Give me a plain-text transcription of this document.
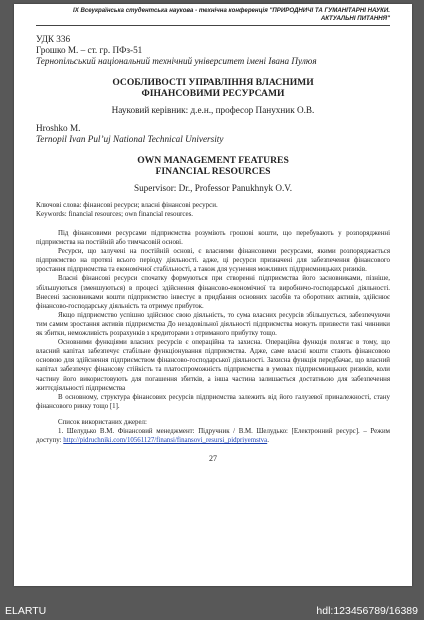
IX Всеукраїнська студентська наукова - технічна конференція "ПРИРОДНИЧІ ТА ГУМАНІТАРНІ НАУКИ.
АКТУАЛЬНІ ПИТАННЯ"
УДК 336
Грошко М. – ст. гр. ПФз-51
Тернопільський національний технічний університет імені Івана Пулюя
ОСОБЛИВОСТІ УПРАВЛІННЯ ВЛАСНИМИ
ФІНАНСОВИМИ РЕСУРСАМИ
Науковий керівник: д.е.н., професор Панухник О.В.
Hroshko M.
Ternopil Ivan Pul’uj National Technical University
OWN MANAGEMENT FEATURES
FINANCIAL RESOURCES
Supervisor: Dr., Professor Panukhnyk O.V.
Ключові слова: фінансові ресурси; власні фінансові ресурси.
Keywords: financial resources; own financial resources.

Під фінансовими ресурсами підприємства розуміють грошові кошти, що перебувають у розпорядженні підприємства на постійній або тимчасовій основі.

Ресурси, що залучені на постійній основі, є власними фінансовими ресурсами, якими розпоряджається підприємство на протязі всього періоду діяльності. адже, ці ресурси призначені для забезпечення фінансового зростання підприємства та економічної стабільності, а також для усунення можливих підприємницьких ризиків.

Власні фінансові ресурси спочатку формуються при створенні підприємства його засновниками, пізніше, збільшуються (зменшуються) в процесі здійснення фінансово-економічної та виробничо-господарської діяльності. Внесені засновниками кошти підприємство інвестує в придбання основних засобів та оборотних активів, здійснює фінансово-господарську діяльність та отримує прибуток.

Якщо підприємство успішно здійснює свою діяльність, то сума власних ресурсів збільшується, забезпечуючи тим самим зростання активів підприємства До незадовільної діяльності підприємства можуть призвести такі чинники як збитки, неможливість розрахунків з кредиторами з отриманого прибутку тощо.

Основними функціями власних ресурсів є операційна та захисна. Операційна функція полягає в тому, що власний капітал забезпечує стабільне функціонування підприємства. Адже, саме власні кошти стають фінансовою основою для здійснення підприємством фінансово-господарської діяльності. Захисна функція передбачає, що власний капітал забезпечує фінансову стійкість та платоспроможність підприємства в умовах підприємницьких ризиків, коли частину його використовують для погашення збитків, а інша частина залишається достатньою для забезпечення життєдіяльності підприємства

В основному, структура фінансових ресурсів підприємства залежить від його галузевої приналежності, стану фінансового ринку тощо [1].

Список використаних джерел:
1. Шелудько В.М. Фінансовий менеджмент: Підручник / В.М. Шелудько: [Електронний ресурс]. – Режим доступу: http://pidruchniki.com/10561127/finansi/finansovi_resursi_pidpriyemstva.
27
ELARTU	hdl:123456789/16389
